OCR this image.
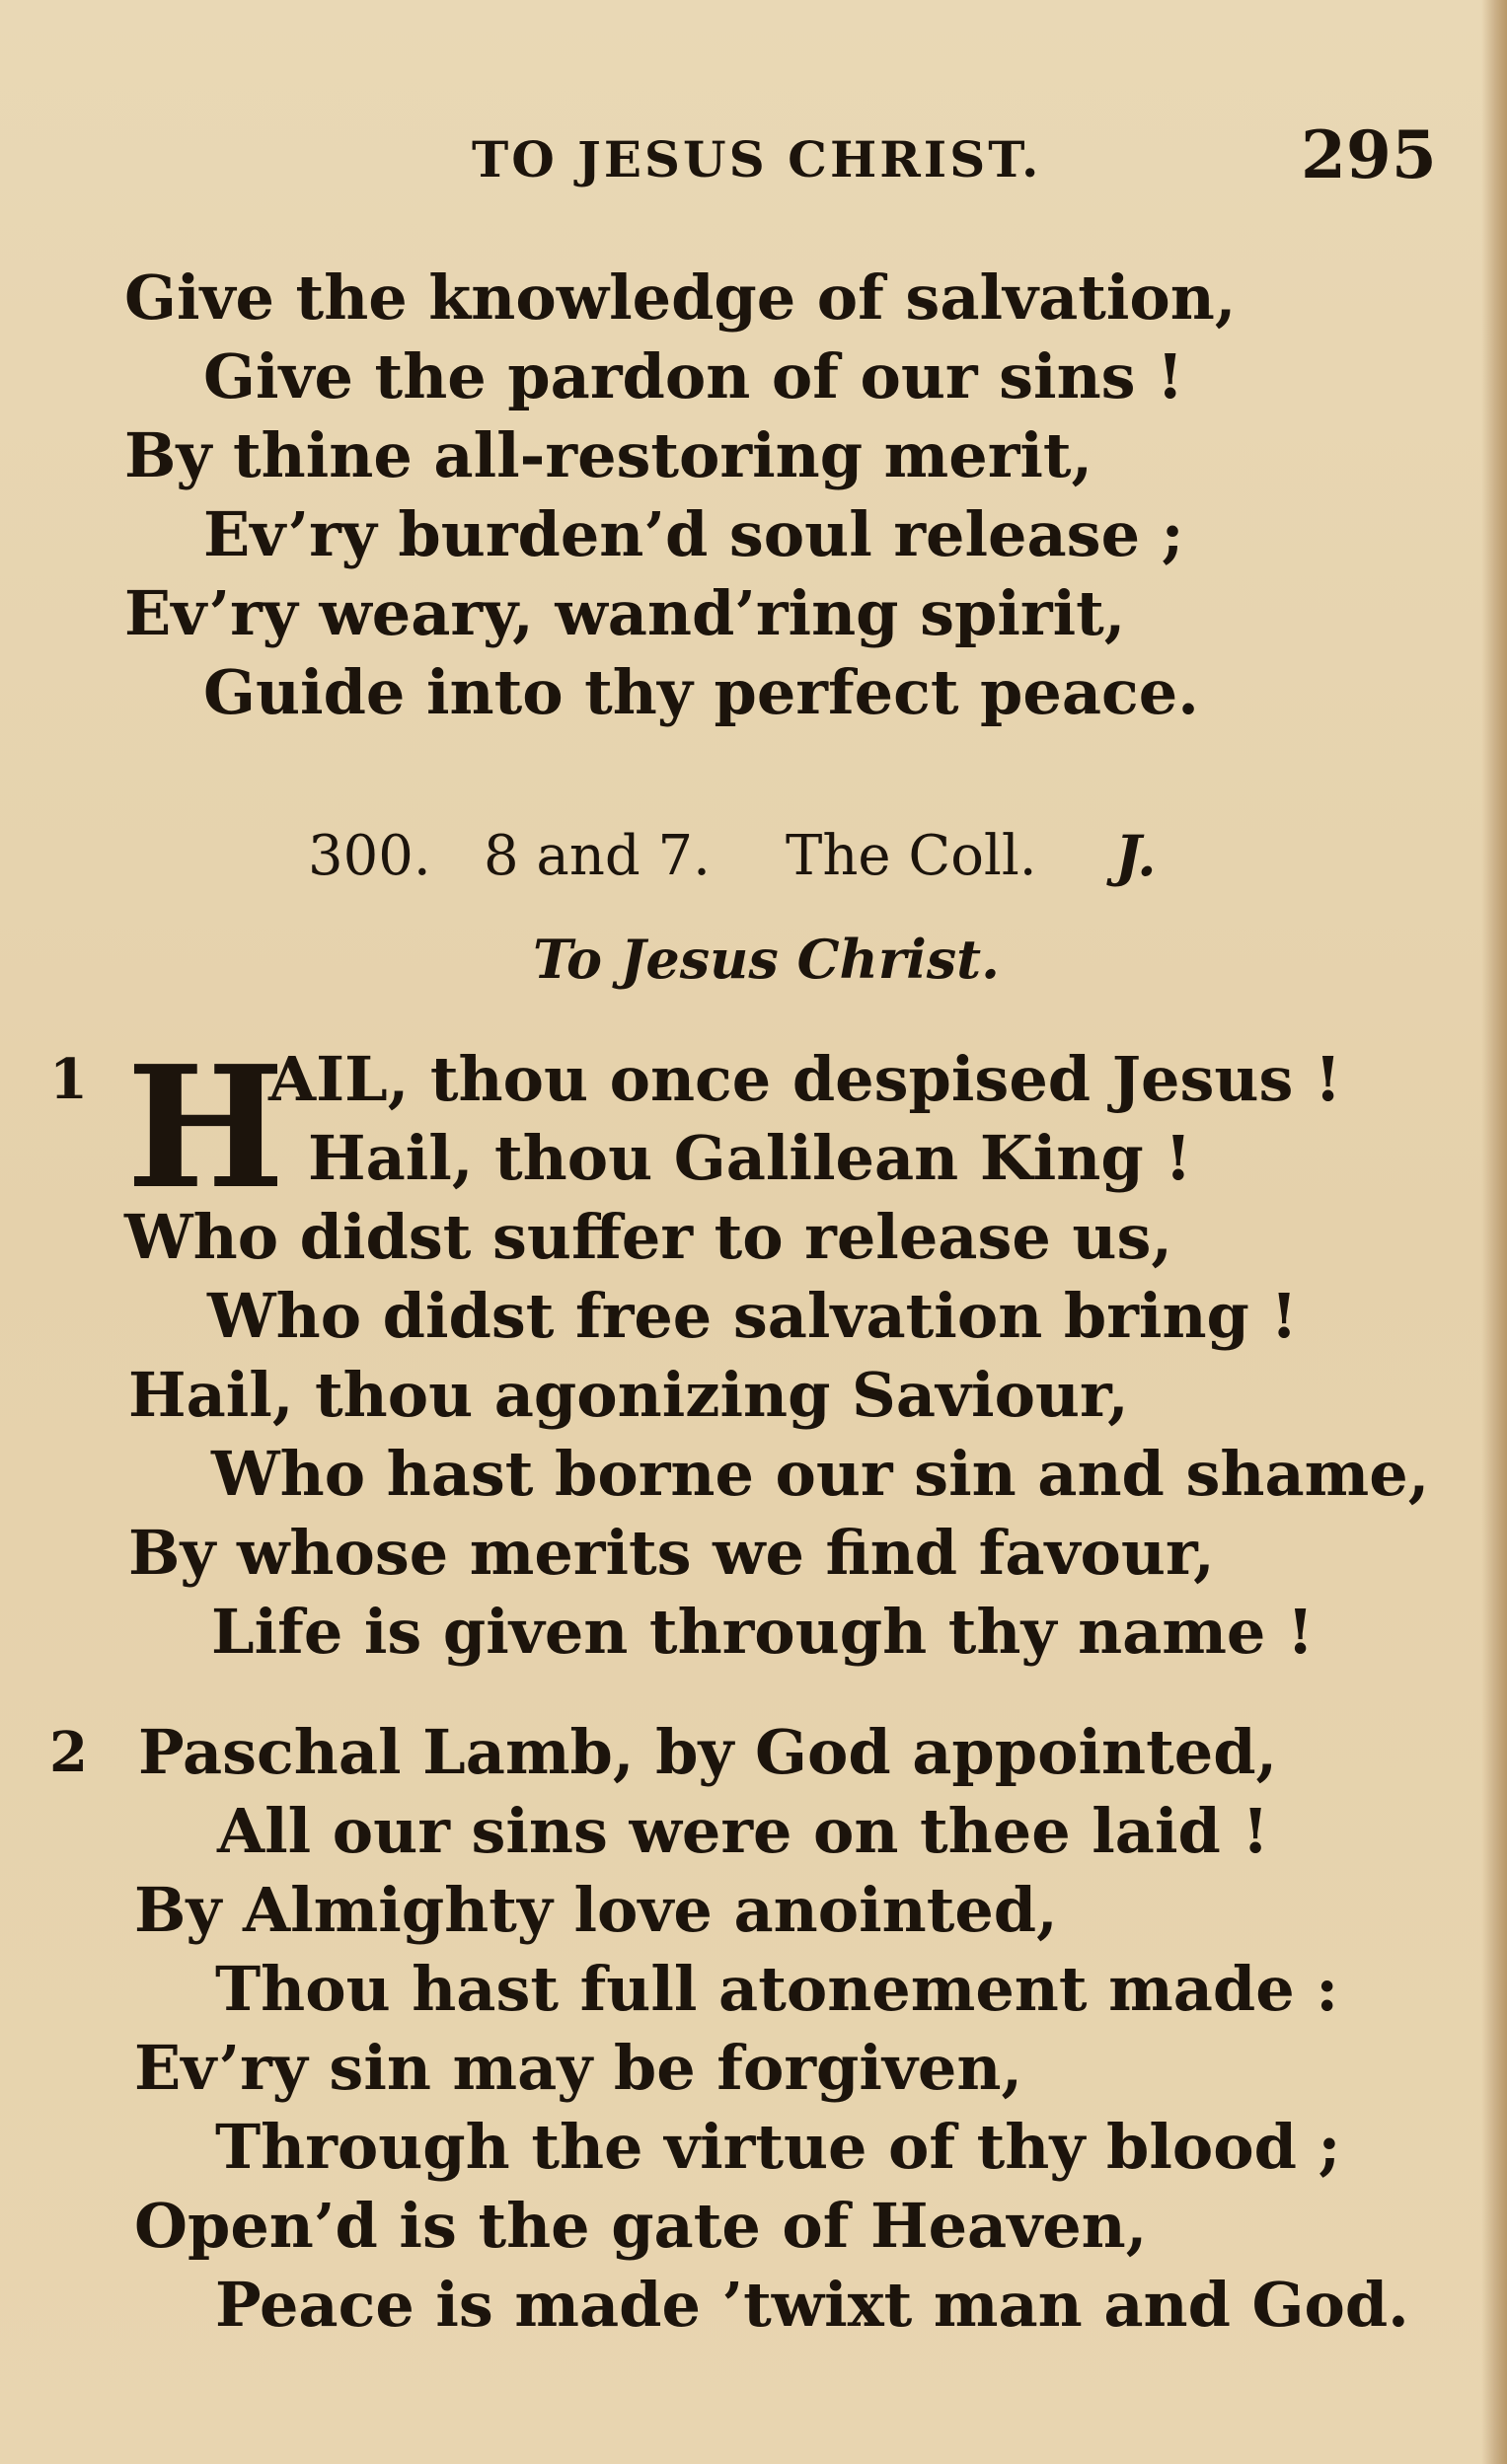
TO JESUS CHRIST.	295
Give the knowledge of salvation,
Give the pardon of our sins !
By thine all-restoring merit,
Ev’ry burden’d soul release ;
Ev’ry weary, wand’ring spirit,
Guide into thy perfect peace.
300. 8 and 7. The Coll. J.
To Jesus Christ.
1 H
AIL, thou once despised Jesus !
Hail, thou Galilean King !
Who didst suffer to release us,
Who didst free salvation bring !
Hail, thou agonizing Saviour,
Who hast borne our sin and shame,
By whose merits we find favour,
Life is given through thy name !
2 Paschal Lamb, by God appointed,
All our sins were on thee laid !
By Almighty love anointed,
Thou hast full atonement made :
Ev’ry sin may be forgiven,
Through the virtue of thy blood ;
Open’d is the gate of Heaven,
Peace is made ’twixt man and God.
